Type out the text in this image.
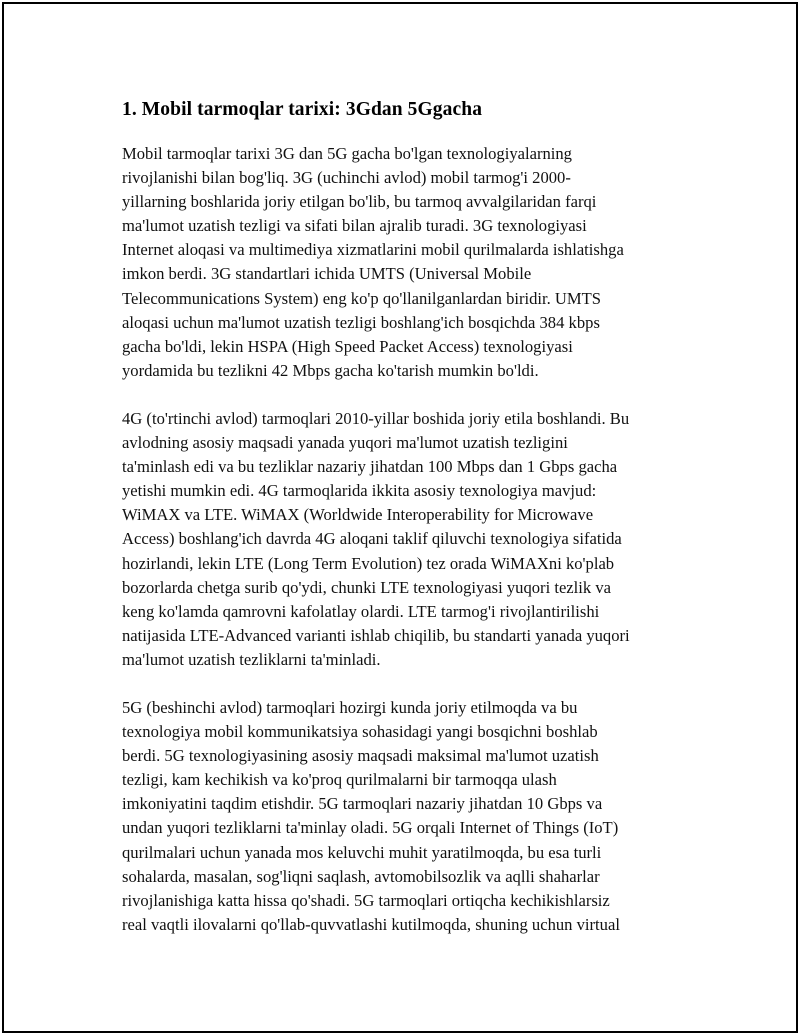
1. Mobil tarmoqlar tarixi: 3Gdan 5Ggacha

Mobil tarmoqlar tarixi 3G dan 5G gacha bo'lgan texnologiyalarning
rivojlanishi bilan bog'liq. 3G (uchinchi avlod) mobil tarmog'i 2000-
yillarning boshlarida joriy etilgan bo'lib, bu tarmoq avvalgilaridan farqi
ma'lumot uzatish tezligi va sifati bilan ajralib turadi. 3G texnologiyasi
Internet aloqasi va multimediya xizmatlarini mobil qurilmalarda ishlatishga
imkon berdi. 3G standartlari ichida UMTS (Universal Mobile
Telecommunications System) eng ko'p qo'llanilganlardan biridir. UMTS
aloqasi uchun ma'lumot uzatish tezligi boshlang'ich bosqichda 384 kbps
gacha bo'ldi, lekin HSPA (High Speed Packet Access) texnologiyasi
yordamida bu tezlikni 42 Mbps gacha ko'tarish mumkin bo'ldi.

4G (to'rtinchi avlod) tarmoqlari 2010-yillar boshida joriy etila boshlandi. Bu
avlodning asosiy maqsadi yanada yuqori ma'lumot uzatish tezligini
ta'minlash edi va bu tezliklar nazariy jihatdan 100 Mbps dan 1 Gbps gacha
yetishi mumkin edi. 4G tarmoqlarida ikkita asosiy texnologiya mavjud:
WiMAX va LTE. WiMAX (Worldwide Interoperability for Microwave
Access) boshlang'ich davrda 4G aloqani taklif qiluvchi texnologiya sifatida
hozirlandi, lekin LTE (Long Term Evolution) tez orada WiMAXni ko'plab
bozorlarda chetga surib qo'ydi, chunki LTE texnologiyasi yuqori tezlik va
keng ko'lamda qamrovni kafolatlay olardi. LTE tarmog'i rivojlantirilishi
natijasida LTE-Advanced varianti ishlab chiqilib, bu standarti yanada yuqori
ma'lumot uzatish tezliklarni ta'minladi.

5G (beshinchi avlod) tarmoqlari hozirgi kunda joriy etilmoqda va bu
texnologiya mobil kommunikatsiya sohasidagi yangi bosqichni boshlab
berdi. 5G texnologiyasining asosiy maqsadi maksimal ma'lumot uzatish
tezligi, kam kechikish va ko'proq qurilmalarni bir tarmoqqa ulash
imkoniyatini taqdim etishdir. 5G tarmoqlari nazariy jihatdan 10 Gbps va
undan yuqori tezliklarni ta'minlay oladi. 5G orqali Internet of Things (IoT)
qurilmalari uchun yanada mos keluvchi muhit yaratilmoqda, bu esa turli
sohalarda, masalan, sog'liqni saqlash, avtomobilsozlik va aqlli shaharlar
rivojlanishiga katta hissa qo'shadi. 5G tarmoqlari ortiqcha kechikishlarsiz
real vaqtli ilovalarni qo'llab-quvvatlashi kutilmoqda, shuning uchun virtual
